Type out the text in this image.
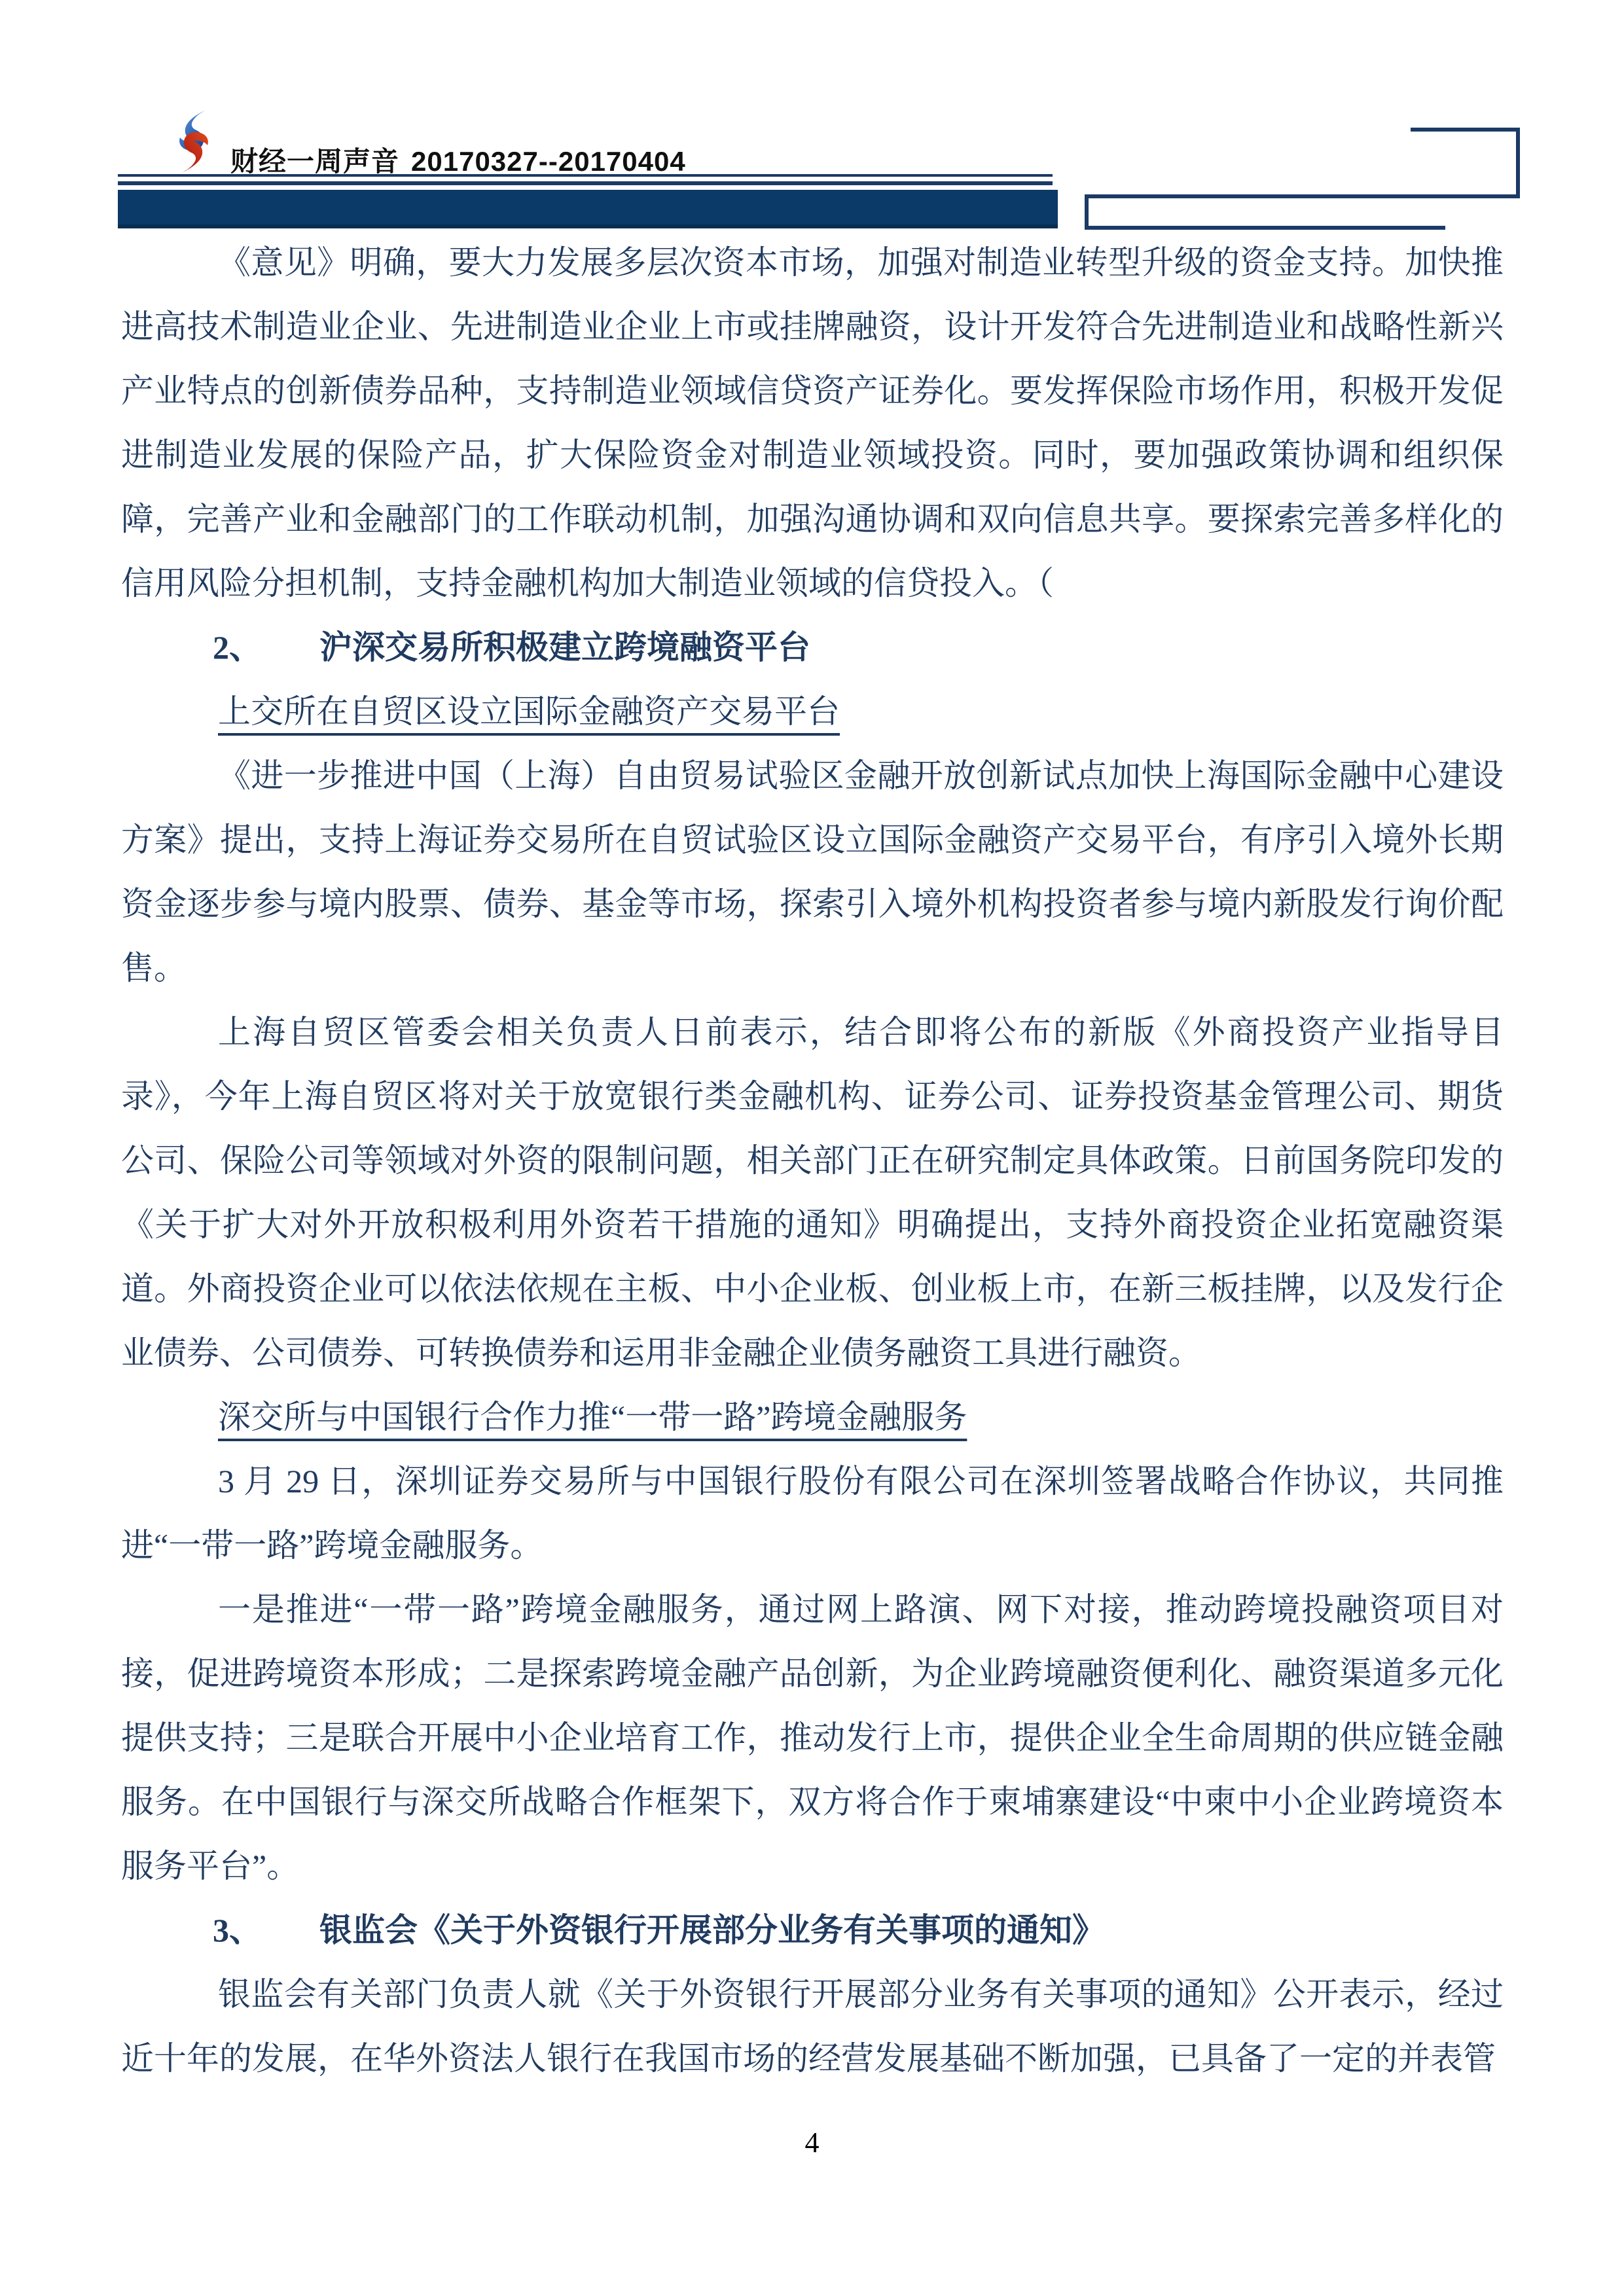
财经一周声音 20170327--20170404

《意见》明确，要大力发展多层次资本市场，加强对制造业转型升级的资金支持。加快推进高技术制造业企业、先进制造业企业上市或挂牌融资，设计开发符合先进制造业和战略性新兴产业特点的创新债券品种，支持制造业领域信贷资产证券化。要发挥保险市场作用，积极开发促进制造业发展的保险产品，扩大保险资金对制造业领域投资。同时，要加强政策协调和组织保障，完善产业和金融部门的工作联动机制，加强沟通协调和双向信息共享。要探索完善多样化的信用风险分担机制，支持金融机构加大制造业领域的信贷投入。（

2、 沪深交易所积极建立跨境融资平台

上交所在自贸区设立国际金融资产交易平台

《进一步推进中国（上海）自由贸易试验区金融开放创新试点加快上海国际金融中心建设方案》提出，支持上海证券交易所在自贸试验区设立国际金融资产交易平台，有序引入境外长期资金逐步参与境内股票、债券、基金等市场，探索引入境外机构投资者参与境内新股发行询价配售。

上海自贸区管委会相关负责人日前表示，结合即将公布的新版《外商投资产业指导目录》，今年上海自贸区将对关于放宽银行类金融机构、证券公司、证券投资基金管理公司、期货公司、保险公司等领域对外资的限制问题，相关部门正在研究制定具体政策。日前国务院印发的《关于扩大对外开放积极利用外资若干措施的通知》明确提出，支持外商投资企业拓宽融资渠道。外商投资企业可以依法依规在主板、中小企业板、创业板上市，在新三板挂牌，以及发行企业债券、公司债券、可转换债券和运用非金融企业债务融资工具进行融资。

深交所与中国银行合作力推“一带一路”跨境金融服务

3 月 29 日，深圳证券交易所与中国银行股份有限公司在深圳签署战略合作协议，共同推进“一带一路”跨境金融服务。

一是推进“一带一路”跨境金融服务，通过网上路演、网下对接，推动跨境投融资项目对接，促进跨境资本形成；二是探索跨境金融产品创新，为企业跨境融资便利化、融资渠道多元化提供支持；三是联合开展中小企业培育工作，推动发行上市，提供企业全生命周期的供应链金融服务。在中国银行与深交所战略合作框架下，双方将合作于柬埔寨建设“中柬中小企业跨境资本服务平台”。

3、 银监会《关于外资银行开展部分业务有关事项的通知》

银监会有关部门负责人就《关于外资银行开展部分业务有关事项的通知》公开表示，经过近十年的发展，在华外资法人银行在我国市场的经营发展基础不断加强，已具备了一定的并表管

4
